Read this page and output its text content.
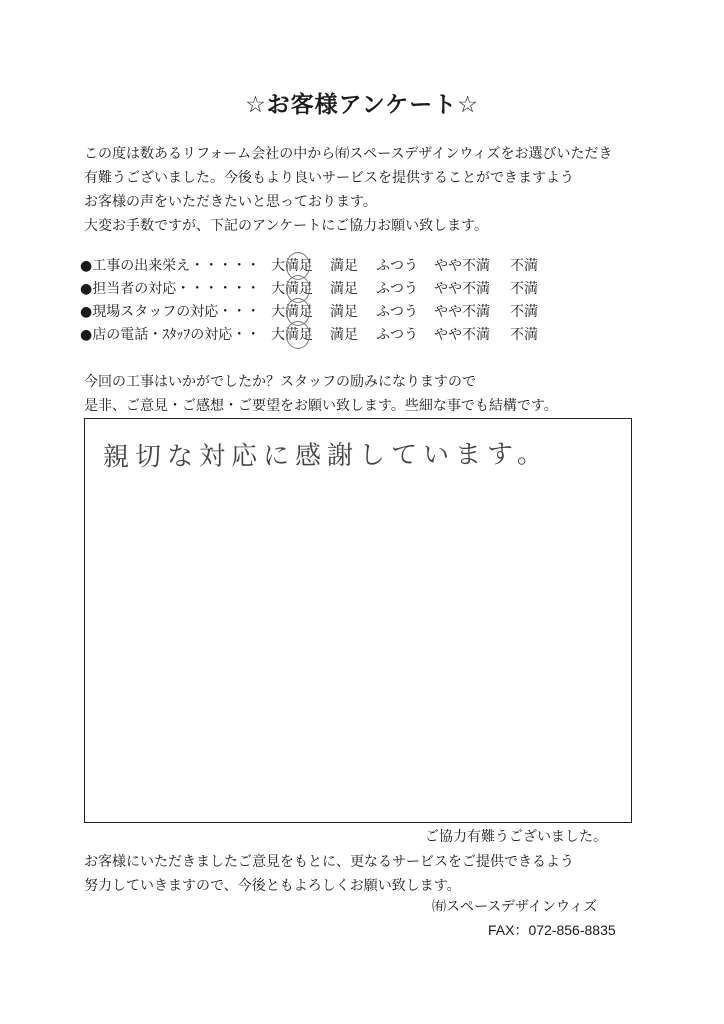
☆お客様アンケート☆
この度は数あるリフォーム会社の中から㈲スペースデザインウィズをお選びいただき
有難うございました。今後もより良いサービスを提供することができますよう
お客様の声をいただきたいと思っております。
大変お手数ですが、下記のアンケートにご協力お願い致します。
●工事の出来栄え・・・・・ 大満足 満足 ふつう やや不満 不満
●担当者の対応・・・・・・ 大満足 満足 ふつう やや不満 不満
●現場スタッフの対応・・・ 大満足 満足 ふつう やや不満 不満
●店の電話・ｽﾀｯﾌの対応・・ 大満足 満足 ふつう やや不満 不満
今回の工事はいかがでしたか？スタッフの励みになりますので
是非、ご意見・ご感想・ご要望をお願い致します。些細な事でも結構です。
親切な対応に感謝しています。
ご協力有難うございました。
お客様にいただきましたご意見をもとに、更なるサービスをご提供できるよう
努力していきますので、今後ともよろしくお願い致します。
㈲スペースデザインウィズ
FAX：072-856-8835
